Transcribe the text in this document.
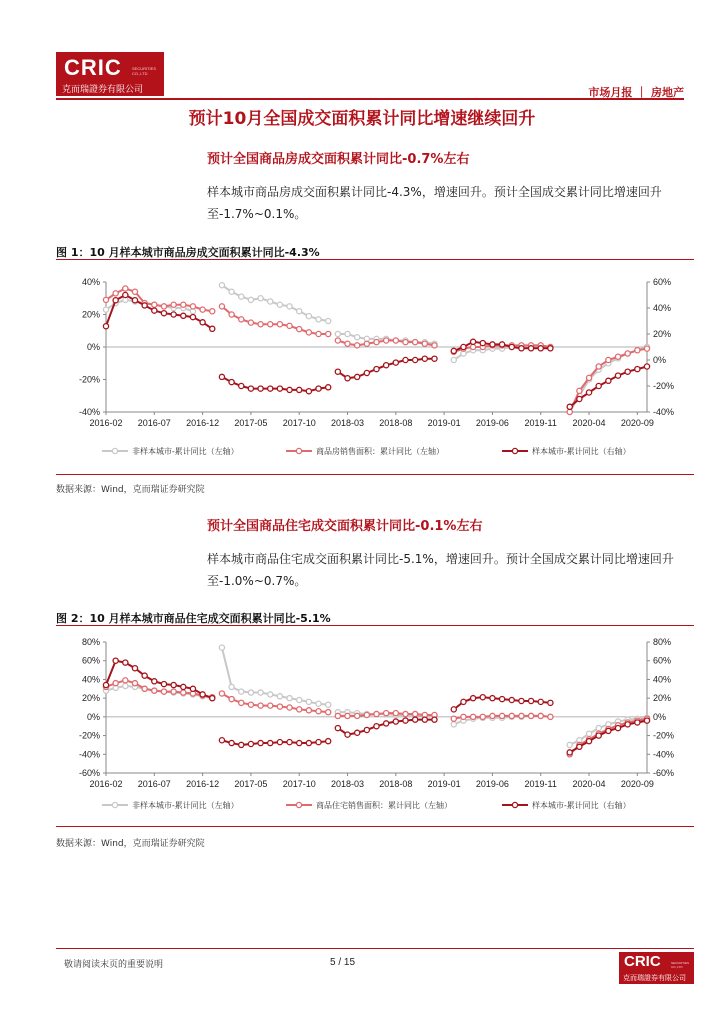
CRIC	SECURITIES CO.,LTD
克而瑞證券有限公司	市场月报 ｜ 房地产
预计10月全国成交面积累计同比增速继续回升
预计全国商品房成交面积累计同比-0.7%左右
样本城市商品房成交面积累计同比-4.3%，增速回升。预计全国成交累计同比增速回升至-1.7%~0.1%。
图 1：10 月样本城市商品房成交面积累计同比-4.3%
-40%
-20%
0%
20%
40%
-40%
-20%
0%
20%
40%
60%
2016-02 2016-07 2016-12 2017-05 2017-10 2018-03 2018-08 2019-01 2019-06 2019-11 2020-04 2020-09
非样本城市-累计同比（左轴）	商品房销售面积：累计同比（左轴）	样本城市-累计同比（右轴）
数据来源：Wind，克而瑞证券研究院
预计全国商品住宅成交面积累计同比-0.1%左右
样本城市商品住宅成交面积累计同比-5.1%，增速回升。预计全国成交累计同比增速回升至-1.0%~0.7%。
图 2：10 月样本城市商品住宅成交面积累计同比-5.1%
-60%
-40%
-20%
0%
20%
40%
60%
80%
-60%
-40%
-20%
0%
20%
40%
60%
80%
2016-02 2016-07 2016-12 2017-05 2017-10 2018-03 2018-08 2019-01 2019-06 2019-11 2020-04 2020-09
非样本城市-累计同比（左轴）	商品住宅销售面积：累计同比（左轴）	样本城市-累计同比（右轴）
数据来源：Wind，克而瑞证券研究院
敬请阅读末页的重要说明	5 / 15	CRIC	SECURITIES CO.,LTD
克而瑞證券有限公司
